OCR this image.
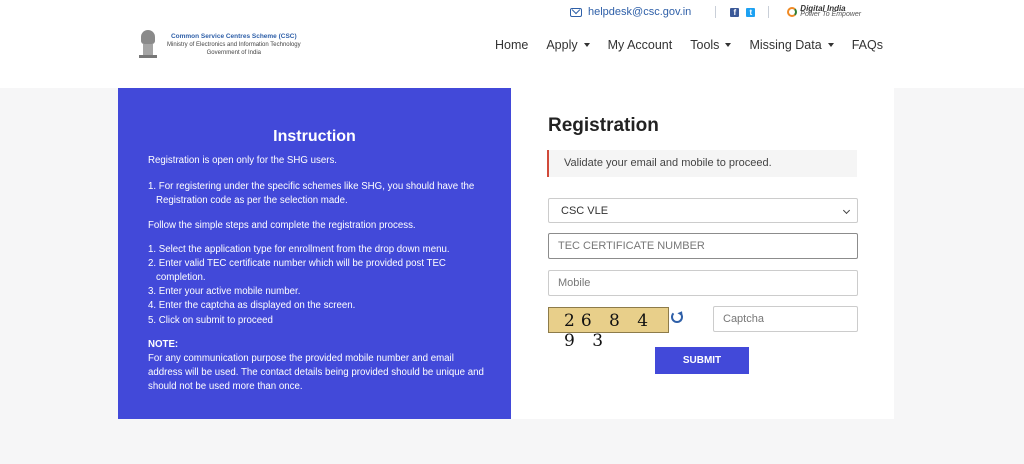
helpdesk@csc.gov.in	f	t	Digital India
Power To Empower
Common Service Centres Scheme (CSC)
Ministry of Electronics and Information Technology
Government of India
Home Apply My Account Tools Missing Data FAQs
Instruction
Registration is open only for the SHG users.
1. For registering under the specific schemes like SHG, you should have the Registration code as per the selection made.
Follow the simple steps and complete the registration process.
1. Select the application type for enrollment from the drop down menu.
2. Enter valid TEC certificate number which will be provided post TEC completion.
3. Enter your active mobile number.
4. Enter the captcha as displayed on the screen.
5. Click on submit to proceed
NOTE:
For any communication purpose the provided mobile number and email address will be used. The contact details being provided should be unique and should not be used more than once.
Registration
Validate your email and mobile to proceed.
CSC VLE
TEC CERTIFICATE NUMBER
Mobile
26 8 4 9 3
Captcha
SUBMIT
